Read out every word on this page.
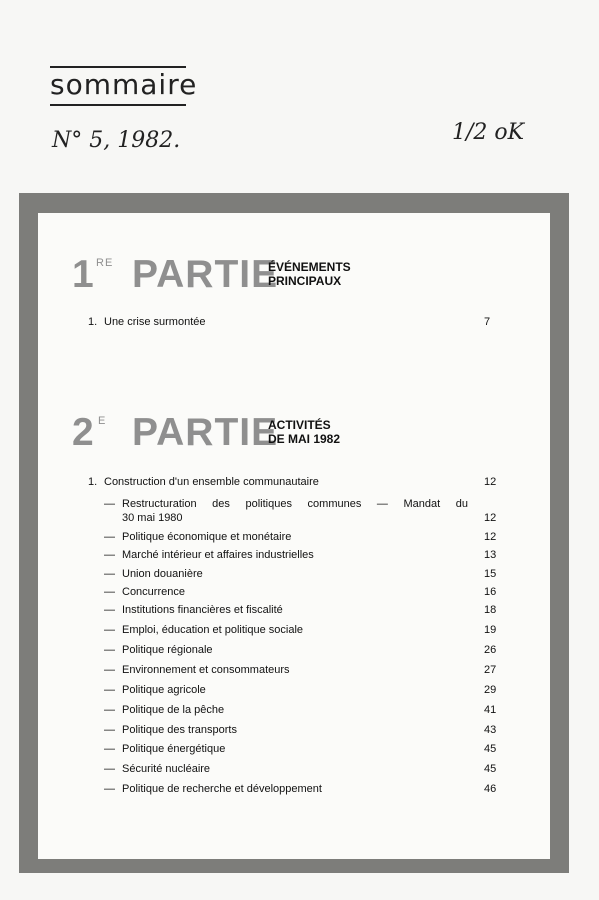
sommaire
N° 5, 1982.	1/2 oK
1 RE PARTIE
ÉVÉNEMENTS
PRINCIPAUX
1. Une crise surmontée	7
2 E PARTIE
ACTIVITÉS
DE MAI 1982
1. Construction d'un ensemble communautaire	12
— Restructuration des politiques communes — Mandat du
30 mai 1980	12
— Politique économique et monétaire	12
— Marché intérieur et affaires industrielles	13
— Union douanière	15
— Concurrence	16
— Institutions financières et fiscalité	18
— Emploi, éducation et politique sociale	19
— Politique régionale	26
— Environnement et consommateurs	27
— Politique agricole	29
— Politique de la pêche	41
— Politique des transports	43
— Politique énergétique	45
— Sécurité nucléaire	45
— Politique de recherche et développement	46
